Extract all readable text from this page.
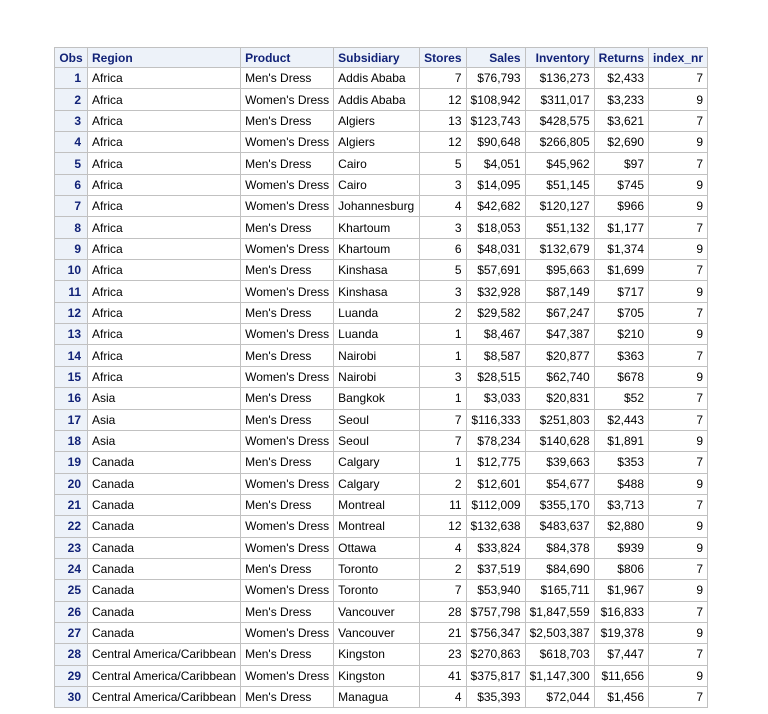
Obs	Region	Product	Subsidiary	Stores	Sales	Inventory	Returns	index_nr
1	Africa	Men's Dress	Addis Ababa	7	$76,793	$136,273	$2,433	7
2	Africa	Women's Dress	Addis Ababa	12	$108,942	$311,017	$3,233	9
3	Africa	Men's Dress	Algiers	13	$123,743	$428,575	$3,621	7
4	Africa	Women's Dress	Algiers	12	$90,648	$266,805	$2,690	9
5	Africa	Men's Dress	Cairo	5	$4,051	$45,962	$97	7
6	Africa	Women's Dress	Cairo	3	$14,095	$51,145	$745	9
7	Africa	Women's Dress	Johannesburg	4	$42,682	$120,127	$966	9
8	Africa	Men's Dress	Khartoum	3	$18,053	$51,132	$1,177	7
9	Africa	Women's Dress	Khartoum	6	$48,031	$132,679	$1,374	9
10	Africa	Men's Dress	Kinshasa	5	$57,691	$95,663	$1,699	7
11	Africa	Women's Dress	Kinshasa	3	$32,928	$87,149	$717	9
12	Africa	Men's Dress	Luanda	2	$29,582	$67,247	$705	7
13	Africa	Women's Dress	Luanda	1	$8,467	$47,387	$210	9
14	Africa	Men's Dress	Nairobi	1	$8,587	$20,877	$363	7
15	Africa	Women's Dress	Nairobi	3	$28,515	$62,740	$678	9
16	Asia	Men's Dress	Bangkok	1	$3,033	$20,831	$52	7
17	Asia	Men's Dress	Seoul	7	$116,333	$251,803	$2,443	7
18	Asia	Women's Dress	Seoul	7	$78,234	$140,628	$1,891	9
19	Canada	Men's Dress	Calgary	1	$12,775	$39,663	$353	7
20	Canada	Women's Dress	Calgary	2	$12,601	$54,677	$488	9
21	Canada	Men's Dress	Montreal	11	$112,009	$355,170	$3,713	7
22	Canada	Women's Dress	Montreal	12	$132,638	$483,637	$2,880	9
23	Canada	Women's Dress	Ottawa	4	$33,824	$84,378	$939	9
24	Canada	Men's Dress	Toronto	2	$37,519	$84,690	$806	7
25	Canada	Women's Dress	Toronto	7	$53,940	$165,711	$1,967	9
26	Canada	Men's Dress	Vancouver	28	$757,798	$1,847,559	$16,833	7
27	Canada	Women's Dress	Vancouver	21	$756,347	$2,503,387	$19,378	9
28	Central America/Caribbean	Men's Dress	Kingston	23	$270,863	$618,703	$7,447	7
29	Central America/Caribbean	Women's Dress	Kingston	41	$375,817	$1,147,300	$11,656	9
30	Central America/Caribbean	Men's Dress	Managua	4	$35,393	$72,044	$1,456	7
